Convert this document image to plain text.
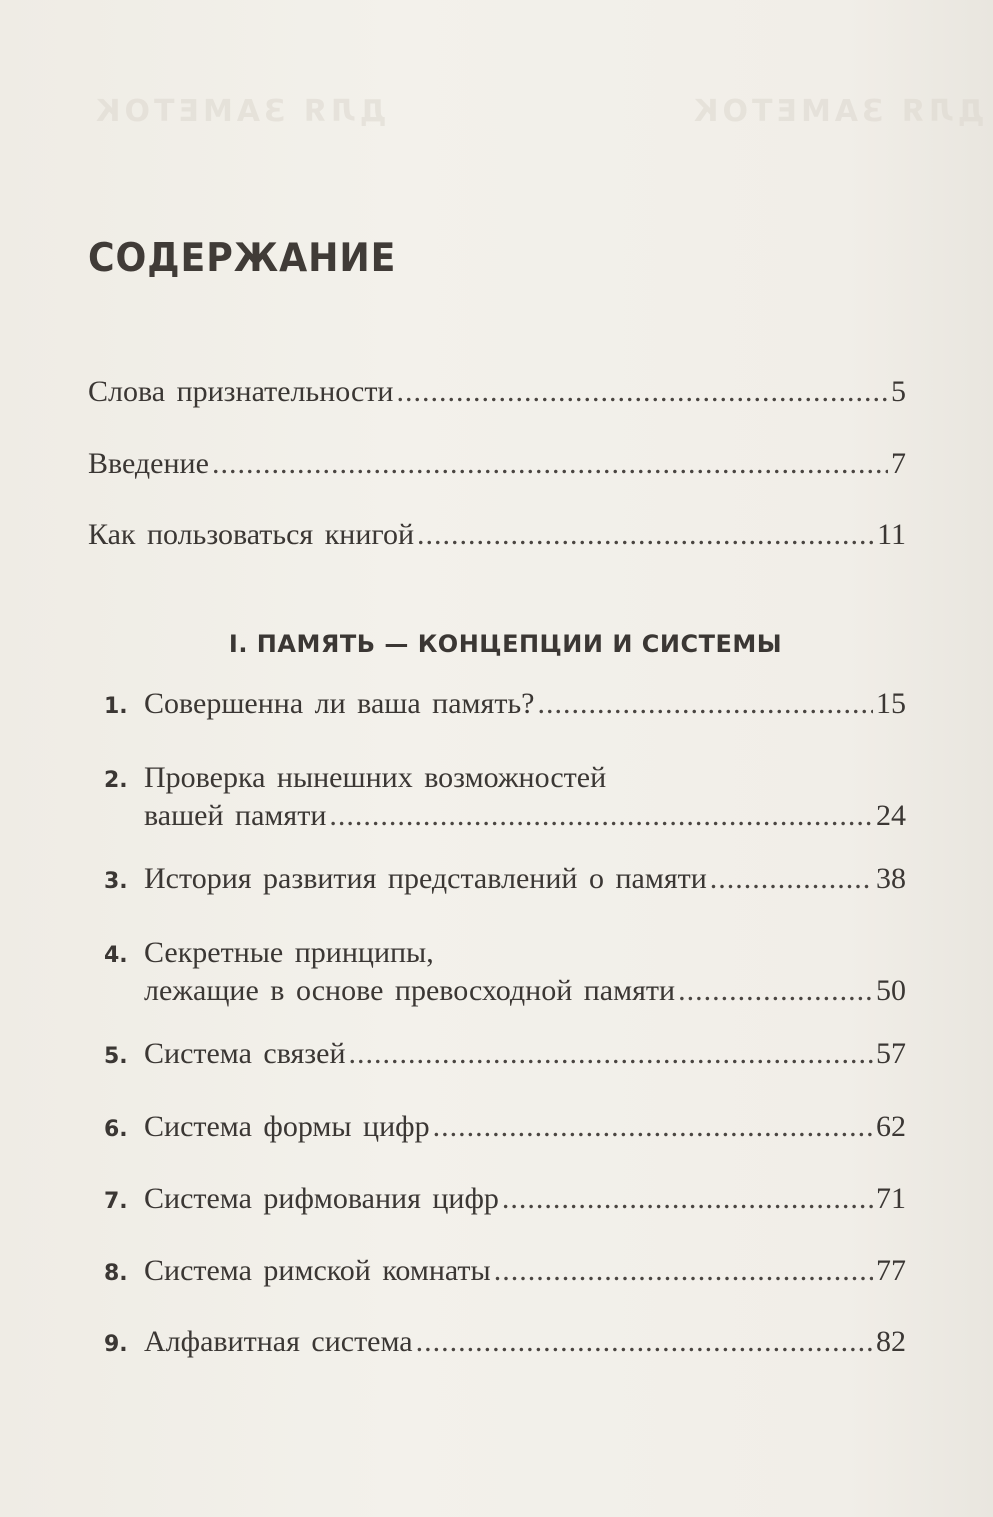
ДЛЯ ЗАМЕТОК	ДЛЯ ЗАМЕТОК
СОДЕРЖАНИЕ
Слова признательности .....	5
Введение .....	7
Как пользоваться книгой .....	11
I. ПАМЯТЬ — КОНЦЕПЦИИ И СИСТЕМЫ
1. Совершенна ли ваша память? .....	15
2. Проверка нынешних возможностей
вашей памяти .....	24
3. История развития представлений о памяти .....	38
4. Секретные принципы,
лежащие в основе превосходной памяти .....	50
5. Система связей .....	57
6. Система формы цифр .....	62
7. Система рифмования цифр .....	71
8. Система римской комнаты .....	77
9. Алфавитная система .....	82
